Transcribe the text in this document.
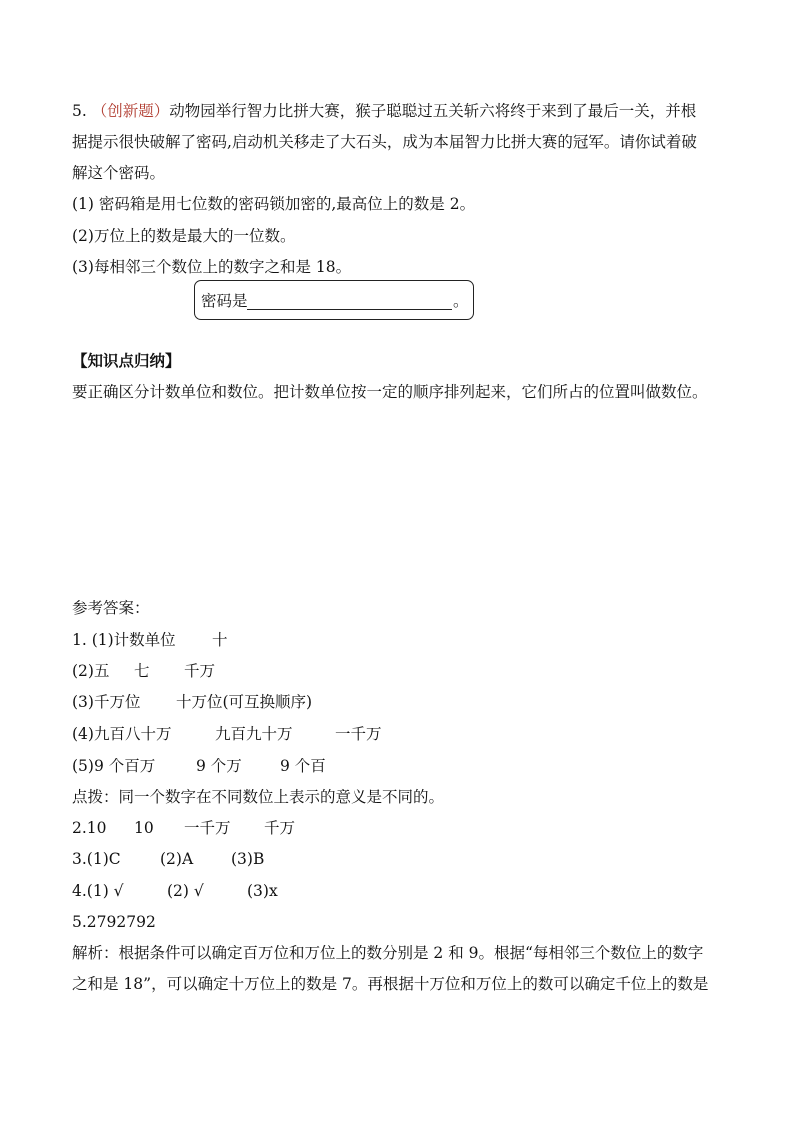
5. （创新题）动物园举行智力比拼大赛，猴子聪聪过五关斩六将终于来到了最后一关，并根
据提示很快破解了密码,启动机关移走了大石头，成为本届智力比拼大赛的冠军。请你试着破
解这个密码。
(1) 密码箱是用七位数的密码锁加密的,最高位上的数是 2。
(2)万位上的数是最大的一位数。
(3)每相邻三个数位上的数字之和是 18。
密码是	。
【知识点归纳】
要正确区分计数单位和数位。把计数单位按一定的顺序排列起来，它们所占的位置叫做数位。
参考答案：
1. (1)计数单位 十
(2)五 七 千万
(3)千万位 十万位(可互换顺序)
(4)九百八十万	九百九十万	一千万
(5)9 个百万	9 个万 9 个百
点拨：同一个数字在不同数位上表示的意义是不同的。
2.10 10 一千万 千万
3.(1)C	(2)A (3)B
4.(1) √	(2) √	(3)x
5.2792792
解析：根据条件可以确定百万位和万位上的数分别是 2 和 9。根据“每相邻三个数位上的数字
之和是 18”，可以确定十万位上的数是 7。再根据十万位和万位上的数可以确定千位上的数是
